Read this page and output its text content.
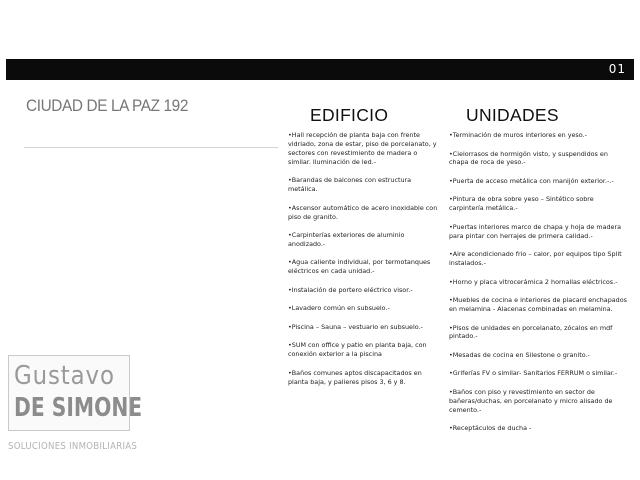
01
CIUDAD DE LA PAZ 192	EDIFICIO	UNIDADES
•Hall recepción de planta baja con frente vidriado, zona de estar, piso de porcelanato, y sectores con revestimiento de madera o similar. Iluminación de led.-
•Barandas de balcones con estructura metálica.
•Ascensor automático de acero inoxidable con piso de granito.
•Carpinterías exteriores de aluminio anodizado.-
•Agua caliente individual, por termotanques eléctricos en cada unidad.-
•Instalación de portero eléctrico visor.-
•Lavadero común en subsuelo.-
•Piscina – Sauna – vestuario en subsuelo.-
•SUM con office y patio en planta baja, con conexión exterior a la piscina
•Baños comunes aptos discapacitados en planta baja, y palieres pisos 3, 6 y 8.
•Terminación de muros interiores en yeso.-
•Cielorrasos de hormigón visto, y suspendidos en chapa de roca de yeso.-
•Puerta de acceso metálica con manijón exterior.-.-
•Pintura de obra sobre yeso – Sintético sobre carpintería metálica.-
•Puertas interiores marco de chapa y hoja de madera para pintar con herrajes de primera calidad.-
•Aire acondicionado frio – calor, por equipos tipo Split instalados.-
•Horno y placa vitrocerámica 2 hornallas eléctricos.-
•Muebles de cocina e interiores de placard enchapados en melamina - Alacenas combinadas en melamina.
•Pisos de unidades en porcelanato, zócalos en mdf pintado.-
•Mesadas de cocina en Silestone o granito.-
•Griferías FV o similar- Sanitarios FERRUM o similar.-
•Baños con piso y revestimiento en sector de bañeras/duchas, en porcelanato y micro alisado de cemento.-
•Receptáculos de ducha -
Gustavo
DE SIMONE
SOLUCIONES INMOBILIARIAS
